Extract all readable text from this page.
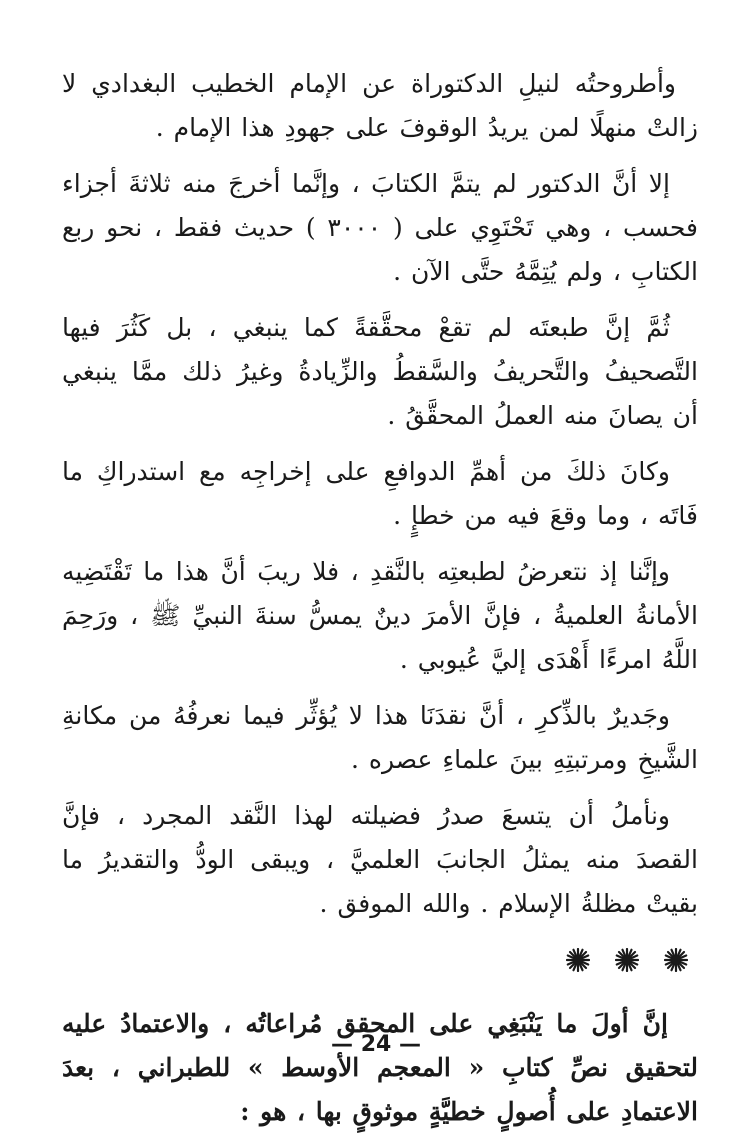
وأطروحتُه لنيلِ الدكتوراة عن الإمام الخطيب البغدادي لا زالتْ منهلًا لمن يريدُ الوقوفَ على جهودِ هذا الإمام .

إلا أنَّ الدكتور لم يتمَّ الكتابَ ، وإنَّما أخرجَ منه ثلاثةَ أجزاء فحسب ، وهي تَحْتَوِي على ( ٣٠٠٠ ) حديث فقط ، نحو ربع الكتابِ ، ولم يُتِمَّهُ حتَّى الآن .

ثُمَّ إنَّ طبعتَه لم تقعْ محقَّقةً كما ينبغي ، بل كَثُرَ فيها التَّصحيفُ والتَّحريفُ والسَّقطُ والزِّيادةُ وغيرُ ذلك ممَّا ينبغي أن يصانَ منه العملُ المحقَّقُ .

وكانَ ذلكَ من أهمِّ الدوافعِ على إخراجِه مع استدراكِ ما فَاتَه ، وما وقعَ فيه من خطإٍ .

وإنَّنا إذ نتعرضُ لطبعتِه بالنَّقدِ ، فلا ريبَ أنَّ هذا ما تَقْتَضِيه الأمانةُ العلميةُ ، فإنَّ الأمرَ دينٌ يمسُّ سنةَ النبيِّ ﷺ ، ورَحِمَ اللَّهُ امرءًا أَهْدَى إليَّ عُيوبي .

وجَديرٌ بالذِّكرِ ، أنَّ نقدَنَا هذا لا يُؤثِّر فيما نعرفُهُ من مكانةِ الشَّيخِ ومرتبتِهِ بينَ علماءِ عصره .

ونأملُ أن يتسعَ صدرُ فضيلته لهذا النَّقد المجرد ، فإنَّ القصدَ منه يمثلُ الجانبَ العلميَّ ، ويبقى الودُّ والتقديرُ ما بقيتْ مظلةُ الإسلام . والله الموفق .

إنَّ أولَ ما يَنْبَغِي على المحقق مُراعاتُه ، والاعتمادُ عليه لتحقيق نصِّ كتابِ « المعجم الأوسط » للطبراني ، بعدَ الاعتمادِ على أُصولٍ خطيَّةٍ موثوقٍ بها ، هو :

— 24 —
